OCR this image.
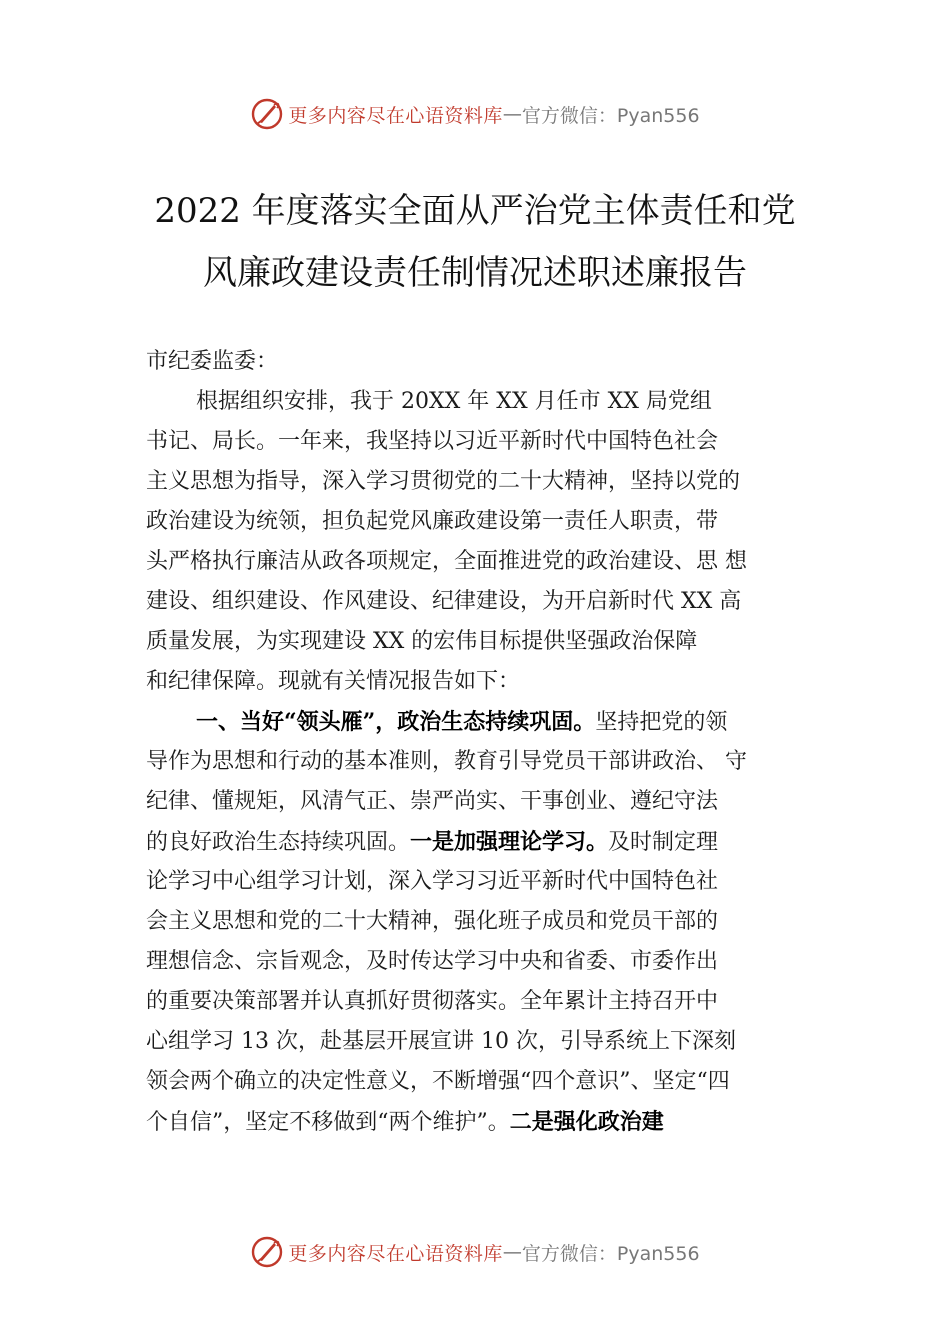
更多内容尽在心语资料库 — 官方微信：Pyan556
2022 年度落实全面从严治党主体责任和党
风廉政建设责任制情况述职述廉报告
市纪委监委：
根据组织安排，我于 20XX 年 XX 月任市 XX 局党组
书记、局长。一年来，我坚持以习近平新时代中国特色社会
主义思想为指导，深入学习贯彻党的二十大精神，坚持以党的
政治建设为统领，担负起党风廉政建设第一责任人职责，带
头严格执行廉洁从政各项规定，全面推进党的政治建设、思 想
建设、组织建设、作风建设、纪律建设，为开启新时代 XX 高
质量发展，为实现建设 XX 的宏伟目标提供坚强政治保障
和纪律保障。现就有关情况报告如下：
一、当好“领头雁”，政治生态持续巩固。坚持把党的领
导作为思想和行动的基本准则，教育引导党员干部讲政治、 守
纪律、懂规矩，风清气正、崇严尚实、干事创业、遵纪守法
的良好政治生态持续巩固。一是加强理论学习。及时制定理
论学习中心组学习计划，深入学习习近平新时代中国特色社
会主义思想和党的二十大精神，强化班子成员和党员干部的
理想信念、宗旨观念，及时传达学习中央和省委、市委作出
的重要决策部署并认真抓好贯彻落实。全年累计主持召开中
心组学习 13 次，赴基层开展宣讲 10 次，引导系统上下深刻
领会两个确立的决定性意义，不断增强“四个意识”、坚定“四
个自信”，坚定不移做到“两个维护”。二是强化政治建
更多内容尽在心语资料库 — 官方微信：Pyan556
